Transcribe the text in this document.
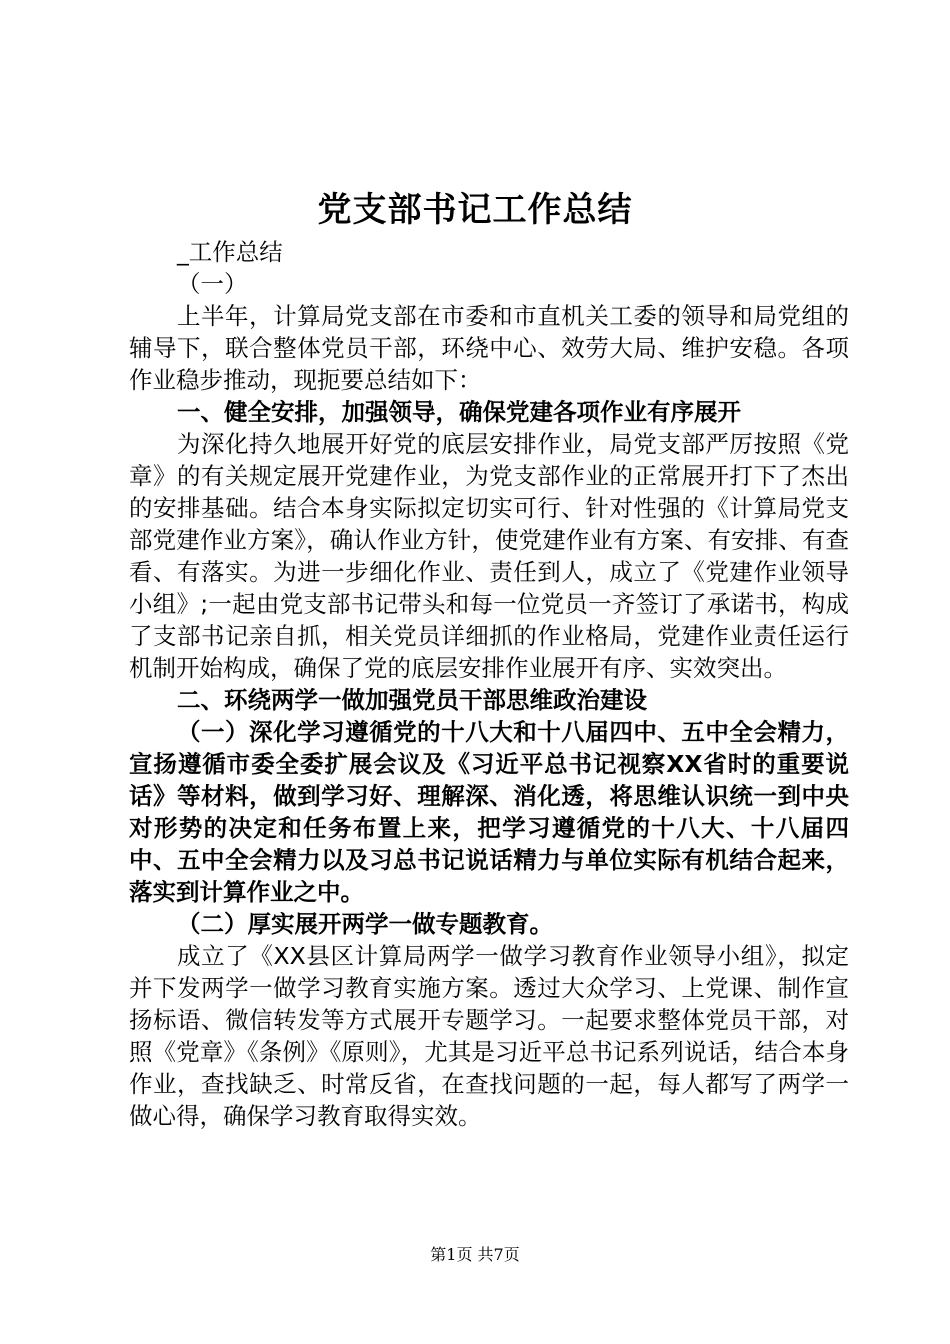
党支部书记工作总结

_工作总结

（一）

上半年，计算局党支部在市委和市直机关工委的领导和局党组的辅导下，联合整体党员干部，环绕中心、效劳大局、维护安稳。各项作业稳步推动，现扼要总结如下：

一、健全安排，加强领导，确保党建各项作业有序展开

为深化持久地展开好党的底层安排作业，局党支部严厉按照《党章》的有关规定展开党建作业，为党支部作业的正常展开打下了杰出的安排基础。结合本身实际拟定切实可行、针对性强的《计算局党支部党建作业方案》，确认作业方针，使党建作业有方案、有安排、有查看、有落实。为进一步细化作业、责任到人，成立了《党建作业领导小组》;一起由党支部书记带头和每一位党员一齐签订了承诺书，构成了支部书记亲自抓，相关党员详细抓的作业格局，党建作业责任运行机制开始构成，确保了党的底层安排作业展开有序、实效突出。

二、环绕两学一做加强党员干部思维政治建设

（一）深化学习遵循党的十八大和十八届四中、五中全会精力，宣扬遵循市委全委扩展会议及《习近平总书记视察XX省时的重要说话》等材料，做到学习好、理解深、消化透，将思维认识统一到中央对形势的决定和任务布置上来，把学习遵循党的十八大、十八届四中、五中全会精力以及习总书记说话精力与单位实际有机结合起来，落实到计算作业之中。

（二）厚实展开两学一做专题教育。

成立了《XX县区计算局两学一做学习教育作业领导小组》，拟定并下发两学一做学习教育实施方案。透过大众学习、上党课、制作宣扬标语、微信转发等方式展开专题学习。一起要求整体党员干部，对照《党章》《条例》《原则》，尤其是习近平总书记系列说话，结合本身作业，查找缺乏、时常反省，在查找问题的一起，每人都写了两学一做心得，确保学习教育取得实效。

第1页 共7页
